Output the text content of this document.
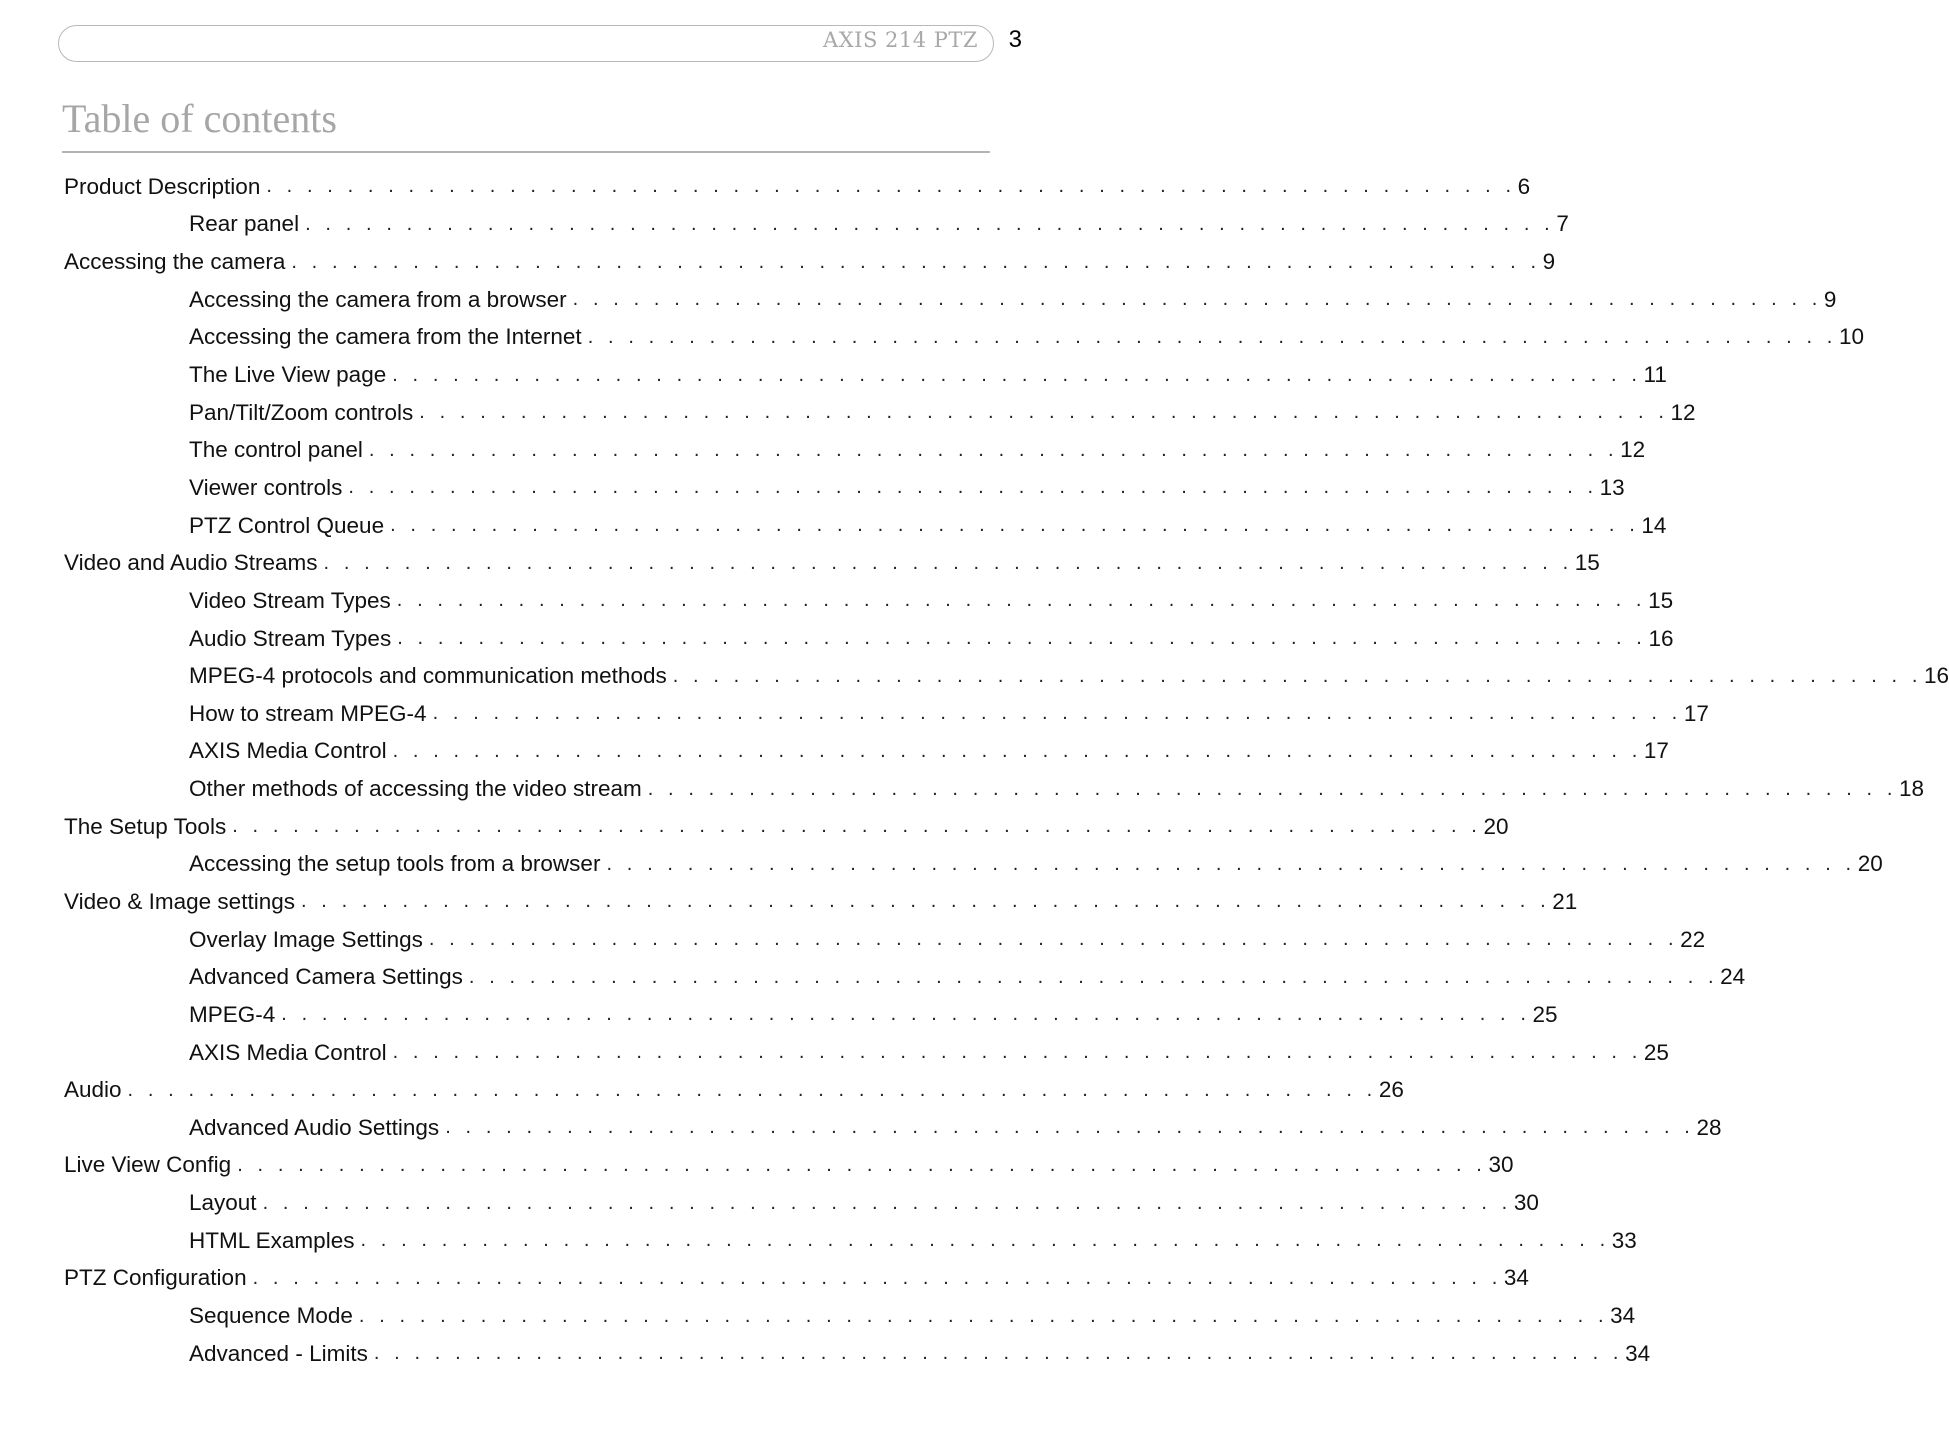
AXIS 214 PTZ 3
Table of contents
Product Description . . . . . . . . . . . . . . . . . . . . . . . . . . . . . . . . . . . . . . . . . . . . . . . . . . . . . . . . . . . . . . 6
Rear panel . . . . . . . . . . . . . . . . . . . . . . . . . . . . . . . . . . . . . . . . . . . . . . . . . . . . . . . . . . . . . . 7
Accessing the camera . . . . . . . . . . . . . . . . . . . . . . . . . . . . . . . . . . . . . . . . . . . . . . . . . . . . . . . . . . . . . . 9
Accessing the camera from a browser . . . . . . . . . . . . . . . . . . . . . . . . . . . . . . . . . . . . . . . . . . . . . . . . . . . . . . . . . . . . . . 9
Accessing the camera from the Internet . . . . . . . . . . . . . . . . . . . . . . . . . . . . . . . . . . . . . . . . . . . . . . . . . . . . . . . . . . . . . . 10
The Live View page . . . . . . . . . . . . . . . . . . . . . . . . . . . . . . . . . . . . . . . . . . . . . . . . . . . . . . . . . . . . . . 11
Pan/Tilt/Zoom controls . . . . . . . . . . . . . . . . . . . . . . . . . . . . . . . . . . . . . . . . . . . . . . . . . . . . . . . . . . . . . . 12
The control panel . . . . . . . . . . . . . . . . . . . . . . . . . . . . . . . . . . . . . . . . . . . . . . . . . . . . . . . . . . . . . . 12
Viewer controls . . . . . . . . . . . . . . . . . . . . . . . . . . . . . . . . . . . . . . . . . . . . . . . . . . . . . . . . . . . . . . 13
PTZ Control Queue . . . . . . . . . . . . . . . . . . . . . . . . . . . . . . . . . . . . . . . . . . . . . . . . . . . . . . . . . . . . . . 14
Video and Audio Streams . . . . . . . . . . . . . . . . . . . . . . . . . . . . . . . . . . . . . . . . . . . . . . . . . . . . . . . . . . . . . . 15
Video Stream Types . . . . . . . . . . . . . . . . . . . . . . . . . . . . . . . . . . . . . . . . . . . . . . . . . . . . . . . . . . . . . . 15
Audio Stream Types . . . . . . . . . . . . . . . . . . . . . . . . . . . . . . . . . . . . . . . . . . . . . . . . . . . . . . . . . . . . . . 16
MPEG-4 protocols and communication methods . . . . . . . . . . . . . . . . . . . . . . . . . . . . . . . . . . . . . . . . . . . . . . . . . . . . . . . . . . . . . . 16
How to stream MPEG-4 . . . . . . . . . . . . . . . . . . . . . . . . . . . . . . . . . . . . . . . . . . . . . . . . . . . . . . . . . . . . . . 17
AXIS Media Control . . . . . . . . . . . . . . . . . . . . . . . . . . . . . . . . . . . . . . . . . . . . . . . . . . . . . . . . . . . . . . 17
Other methods of accessing the video stream . . . . . . . . . . . . . . . . . . . . . . . . . . . . . . . . . . . . . . . . . . . . . . . . . . . . . . . . . . . . . . 18
The Setup Tools . . . . . . . . . . . . . . . . . . . . . . . . . . . . . . . . . . . . . . . . . . . . . . . . . . . . . . . . . . . . . . 20
Accessing the setup tools from a browser . . . . . . . . . . . . . . . . . . . . . . . . . . . . . . . . . . . . . . . . . . . . . . . . . . . . . . . . . . . . . . 20
Video & Image settings . . . . . . . . . . . . . . . . . . . . . . . . . . . . . . . . . . . . . . . . . . . . . . . . . . . . . . . . . . . . . . 21
Overlay Image Settings . . . . . . . . . . . . . . . . . . . . . . . . . . . . . . . . . . . . . . . . . . . . . . . . . . . . . . . . . . . . . . 22
Advanced Camera Settings . . . . . . . . . . . . . . . . . . . . . . . . . . . . . . . . . . . . . . . . . . . . . . . . . . . . . . . . . . . . . . 24
MPEG-4 . . . . . . . . . . . . . . . . . . . . . . . . . . . . . . . . . . . . . . . . . . . . . . . . . . . . . . . . . . . . . . 25
AXIS Media Control . . . . . . . . . . . . . . . . . . . . . . . . . . . . . . . . . . . . . . . . . . . . . . . . . . . . . . . . . . . . . . 25
Audio . . . . . . . . . . . . . . . . . . . . . . . . . . . . . . . . . . . . . . . . . . . . . . . . . . . . . . . . . . . . . . 26
Advanced Audio Settings . . . . . . . . . . . . . . . . . . . . . . . . . . . . . . . . . . . . . . . . . . . . . . . . . . . . . . . . . . . . . . 28
Live View Config . . . . . . . . . . . . . . . . . . . . . . . . . . . . . . . . . . . . . . . . . . . . . . . . . . . . . . . . . . . . . . 30
Layout . . . . . . . . . . . . . . . . . . . . . . . . . . . . . . . . . . . . . . . . . . . . . . . . . . . . . . . . . . . . . . 30
HTML Examples . . . . . . . . . . . . . . . . . . . . . . . . . . . . . . . . . . . . . . . . . . . . . . . . . . . . . . . . . . . . . . 33
PTZ Configuration . . . . . . . . . . . . . . . . . . . . . . . . . . . . . . . . . . . . . . . . . . . . . . . . . . . . . . . . . . . . . . 34
Sequence Mode . . . . . . . . . . . . . . . . . . . . . . . . . . . . . . . . . . . . . . . . . . . . . . . . . . . . . . . . . . . . . . 34
Advanced - Limits . . . . . . . . . . . . . . . . . . . . . . . . . . . . . . . . . . . . . . . . . . . . . . . . . . . . . . . . . . . . . . 34
